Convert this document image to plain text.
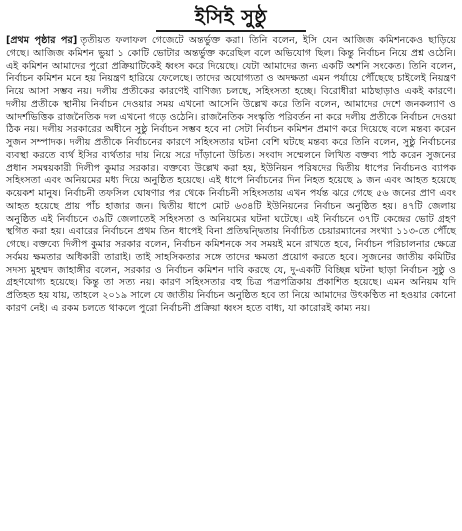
ইসিই সুষ্ঠু

[প্রথম পৃষ্ঠার পর] তৃতীয়ত ফলাফল গেজেটে অন্তর্ভুক্ত করা। তিনি বলেন, ইসি যেন আজিজ কমিশনকেও ছাড়িয়ে গেছে। আজিজ কমিশন ভুয়া ১ কোটি ভোটার অন্তর্ভুক্ত করেছিল বলে অভিযোগ ছিল। কিন্তু নির্বাচন নিয়ে প্রশ্ন ওঠেনি। এই কমিশন আমাদের পুরো প্রক্রিয়াটিকেই ধ্বংস করে দিয়েছে। যেটা আমাদের জন্য একটি অশনি সংকেত। তিনি বলেন, নির্বাচন কমিশন মনে হয় নিয়ন্ত্রণ হারিয়ে ফেলেছে। তাদের অযোগ্যতা ও অদক্ষতা এমন পর্যায়ে পৌঁছেছে চাইলেই নিয়ন্ত্রণ নিয়ে আসা সম্ভব নয়। দলীয় প্রতীকের কারণেই বাণিজ্য চলছে, সহিংসতা হচ্ছে। বিরোধীরা মাঠছাড়াও একই কারণে। দলীয় প্রতীকে স্থানীয় নির্বাচন দেওয়ার সময় এখনো আসেনি উল্লেখ করে তিনি বলেন, আমাদের দেশে জনকল্যাণ ও আদর্শভিত্তিক রাজনৈতিক দল এখনো গড়ে ওঠেনি। রাজনৈতিক সংস্কৃতি পরিবর্তন না করে দলীয় প্রতীকে নির্বাচন দেওয়া ঠিক নয়। দলীয় সরকারের অধীনে সুষ্ঠু নির্বাচন সম্ভব হবে না সেটা নির্বাচন কমিশন প্রমাণ করে দিয়েছে বলে মন্তব্য করেন সুজন সম্পাদক। দলীয় প্রতীকে নির্বাচনের কারণে সহিংসতার ঘটনা বেশি ঘটছে মন্তব্য করে তিনি বলেন, সুষ্ঠু নির্বাচনের ব্যবস্থা করতে ব্যর্থ ইসির ব্যর্থতার দায় নিয়ে সরে দাঁড়ানো উচিত। সংবাদ সম্মেলনে লিখিত বক্তব্য পাঠ করেন সুজনের প্রধান সমন্বয়কারী দিলীপ কুমার সরকার। বক্তব্যে উল্লেখ করা হয়, ইউনিয়ন পরিষদের দ্বিতীয় ধাপের নির্বাচনও ব্যাপক সহিংসতা এবং অনিয়মের মধ্য দিয়ে অনুষ্ঠিত হয়েছে। এই ধাপে নির্বাচনের দিন নিহত হয়েছে ৯ জন এবং আহত হয়েছে কয়েকশ মানুষ। নির্বাচনী তফসিল ঘোষণার পর থেকে নির্বাচনী সহিংসতায় এখন পর্যন্ত ঝরে গেছে ৫৬ জনের প্রাণ এবং আহত হয়েছে প্রায় পাঁচ হাজার জন। দ্বিতীয় ধাপে মোট ৬৩৪টি ইউনিয়নের নির্বাচন অনুষ্ঠিত হয়। ৪৭টি জেলায় অনুষ্ঠিত এই নির্বাচনে ৩৯টি জেলাতেই সহিংসতা ও অনিয়মের ঘটনা ঘটেছে। এই নির্বাচনে ৩৭টি কেন্দ্রের ভোট গ্রহণ স্থগিত করা হয়। এবারের নির্বাচনে প্রথম তিন ধাপেই বিনা প্রতিদ্বন্দ্বিতায় নির্বাচিত চেয়ারম্যানের সংখ্যা ১১৩-তে পৌঁছে গেছে। বক্তব্যে দিলীপ কুমার সরকার বলেন, নির্বাচন কমিশনকে সব সময়ই মনে রাখতে হবে, নির্বাচন পরিচালনার ক্ষেত্রে সর্বময় ক্ষমতার অধিকারী তারাই। তাই সাহসিকতার সঙ্গে তাদের ক্ষমতা প্রয়োগ করতে হবে। সুজনের জাতীয় কমিটির সদস্য মুহম্মদ জাহাঙ্গীর বলেন, সরকার ও নির্বাচন কমিশন দাবি করছে যে, দু-একটি বিচ্ছিন্ন ঘটনা ছাড়া নির্বাচন সুষ্ঠু ও গ্রহণযোগ্য হয়েছে। কিন্তু তা সত্য নয়। কারণ সহিংসতার বহু চিত্র পত্রপত্রিকায় প্রকাশিত হয়েছে। এমন অনিয়ম যদি প্রতিহত হয় যায়, তাহলে ২০১৯ সালে যে জাতীয় নির্বাচন অনুষ্ঠিত হবে তা নিয়ে আমাদের উৎকণ্ঠিত না হওয়ার কোনো কারণ নেই। এ রকম চলতে থাকলে পুরো নির্বাচনী প্রক্রিয়া ধ্বংস হতে বাধ্য, যা কারোরই কাম্য নয়।
